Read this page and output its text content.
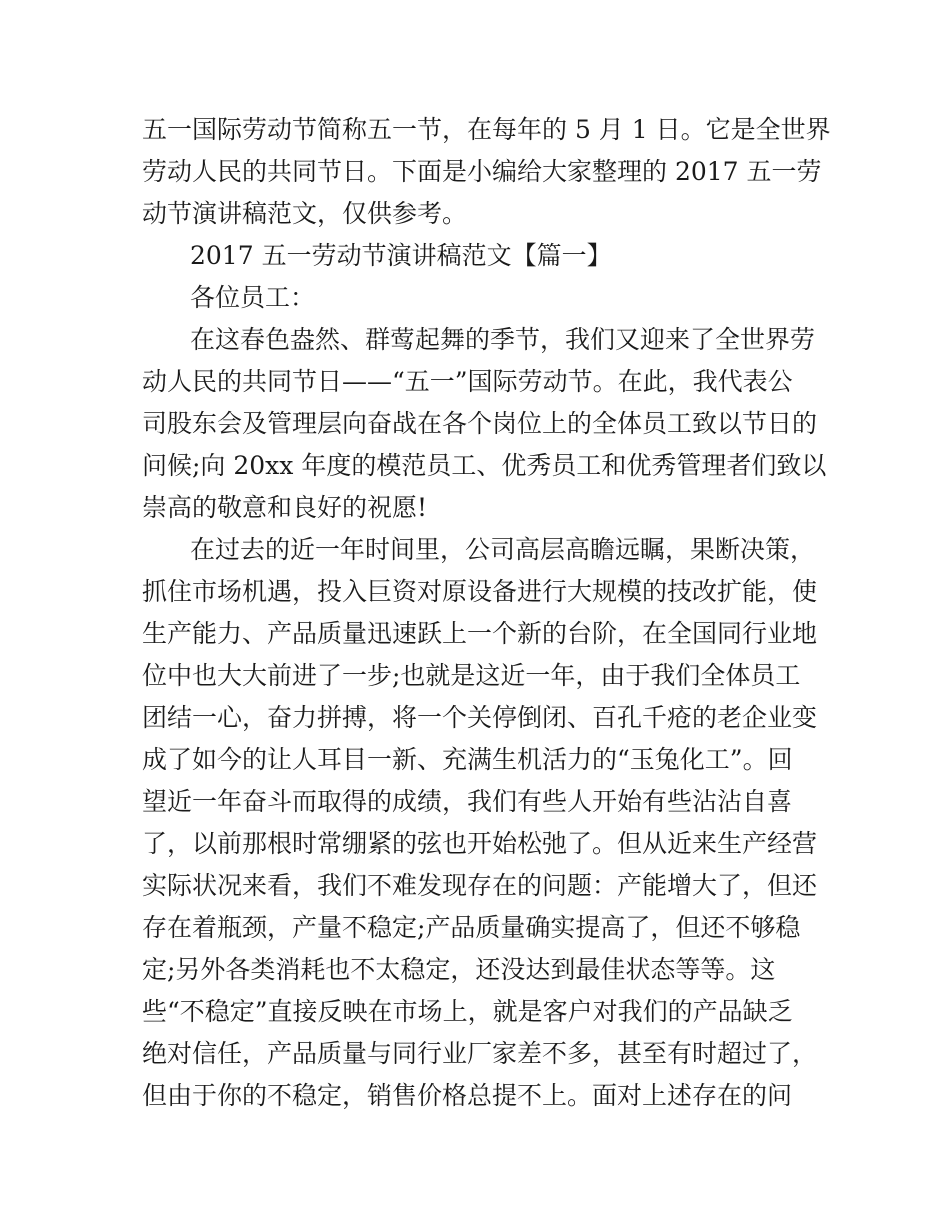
五一国际劳动节简称五一节，在每年的 5 月 1 日。它是全世界
劳动人民的共同节日。下面是小编给大家整理的 2017 五一劳
动节演讲稿范文，仅供参考。
2017 五一劳动节演讲稿范文【篇一】
各位员工：
在这春色盎然、群莺起舞的季节，我们又迎来了全世界劳
动人民的共同节日——“五一”国际劳动节。在此，我代表公
司股东会及管理层向奋战在各个岗位上的全体员工致以节日的
问候;向 20xx 年度的模范员工、优秀员工和优秀管理者们致以
崇高的敬意和良好的祝愿!
在过去的近一年时间里，公司高层高瞻远瞩，果断决策，
抓住市场机遇，投入巨资对原设备进行大规模的技改扩能，使
生产能力、产品质量迅速跃上一个新的台阶，在全国同行业地
位中也大大前进了一步;也就是这近一年，由于我们全体员工
团结一心，奋力拼搏，将一个关停倒闭、百孔千疮的老企业变
成了如今的让人耳目一新、充满生机活力的“玉兔化工”。回
望近一年奋斗而取得的成绩，我们有些人开始有些沾沾自喜
了，以前那根时常绷紧的弦也开始松弛了。但从近来生产经营
实际状况来看，我们不难发现存在的问题：产能增大了，但还
存在着瓶颈，产量不稳定;产品质量确实提高了，但还不够稳
定;另外各类消耗也不太稳定，还没达到最佳状态等等。这
些“不稳定”直接反映在市场上，就是客户对我们的产品缺乏
绝对信任，产品质量与同行业厂家差不多，甚至有时超过了，
但由于你的不稳定，销售价格总提不上。面对上述存在的问
